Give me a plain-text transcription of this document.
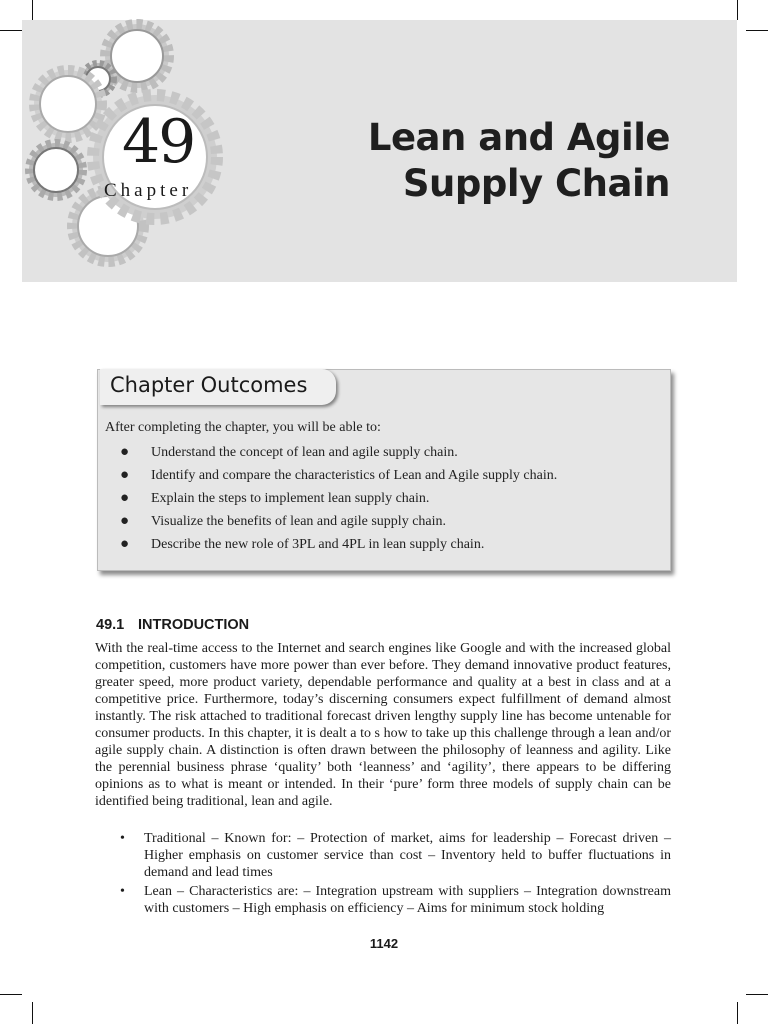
49
Chapter
Lean and Agile
Supply Chain
Chapter Outcomes
After completing the chapter, you will be able to:
● Understand the concept of lean and agile supply chain.
● Identify and compare the characteristics of Lean and Agile supply chain.
● Explain the steps to implement lean supply chain.
● Visualize the benefits of lean and agile supply chain.
● Describe the new role of 3PL and 4PL in lean supply chain.
49.1 INTRODUCTION

With the real-time access to the Internet and search engines like Google and with the increased global competition, customers have more power than ever before. They demand innovative product features, greater speed, more product variety, dependable performance and quality at a best in class and at a competitive price. Furthermore, today’s discerning consumers expect fulfillment of demand almost instantly. The risk attached to traditional forecast driven lengthy supply line has become untenable for consumer products. In this chapter, it is dealt a to s how to take up this challenge through a lean and/or agile supply chain. A distinction is often drawn between the philosophy of leanness and agility. Like the perennial business phrase ‘quality’ both ‘leanness’ and ‘agility’, there appears to be differing opinions as to what is meant or intended. In their ‘pure’ form three models of supply chain can be identified being traditional, lean and agile.

• Traditional – Known for: – Protection of market, aims for leadership – Forecast driven – Higher emphasis on customer service than cost – Inventory held to buffer fluctuations in demand and lead times
• Lean – Characteristics are: – Integration upstream with suppliers – Integration downstream with customers – High emphasis on efficiency – Aims for minimum stock holding
1142
